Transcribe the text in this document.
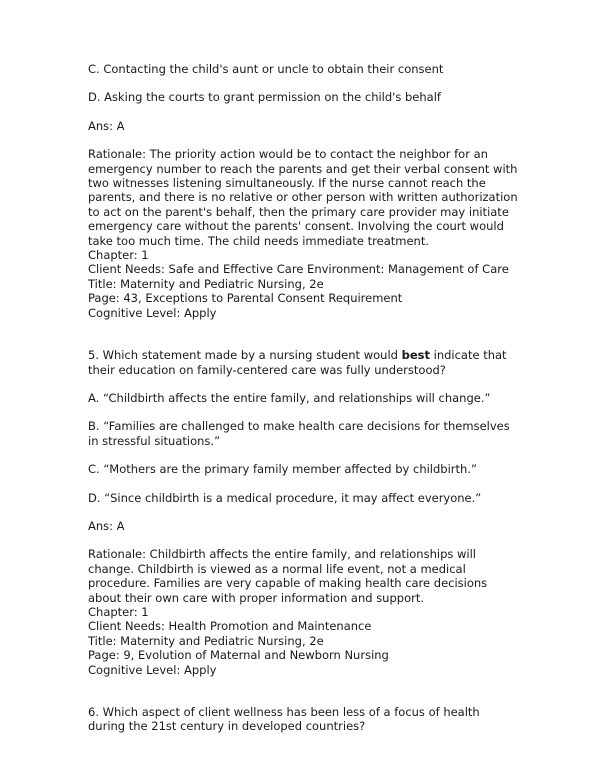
C. Contacting the child's aunt or uncle to obtain their consent

D. Asking the courts to grant permission on the child's behalf

Ans: A

Rationale: The priority action would be to contact the neighbor for an emergency number to reach the parents and get their verbal consent with two witnesses listening simultaneously. If the nurse cannot reach the parents, and there is no relative or other person with written authorization to act on the parent's behalf, then the primary care provider may initiate emergency care without the parents' consent. Involving the court would take too much time. The child needs immediate treatment.

Chapter: 1

Client Needs: Safe and Effective Care Environment: Management of Care

Title: Maternity and Pediatric Nursing, 2e

Page: 43, Exceptions to Parental Consent Requirement

Cognitive Level: Apply

5. Which statement made by a nursing student would best indicate that their education on family-centered care was fully understood?

A. “Childbirth affects the entire family, and relationships will change.”

B. “Families are challenged to make health care decisions for themselves in stressful situations.”

C. “Mothers are the primary family member affected by childbirth.”

D. “Since childbirth is a medical procedure, it may affect everyone.”

Ans: A

Rationale: Childbirth affects the entire family, and relationships will change. Childbirth is viewed as a normal life event, not a medical procedure. Families are very capable of making health care decisions about their own care with proper information and support.

Chapter: 1

Client Needs: Health Promotion and Maintenance

Title: Maternity and Pediatric Nursing, 2e

Page: 9, Evolution of Maternal and Newborn Nursing

Cognitive Level: Apply

6. Which aspect of client wellness has been less of a focus of health during the 21st century in developed countries?
